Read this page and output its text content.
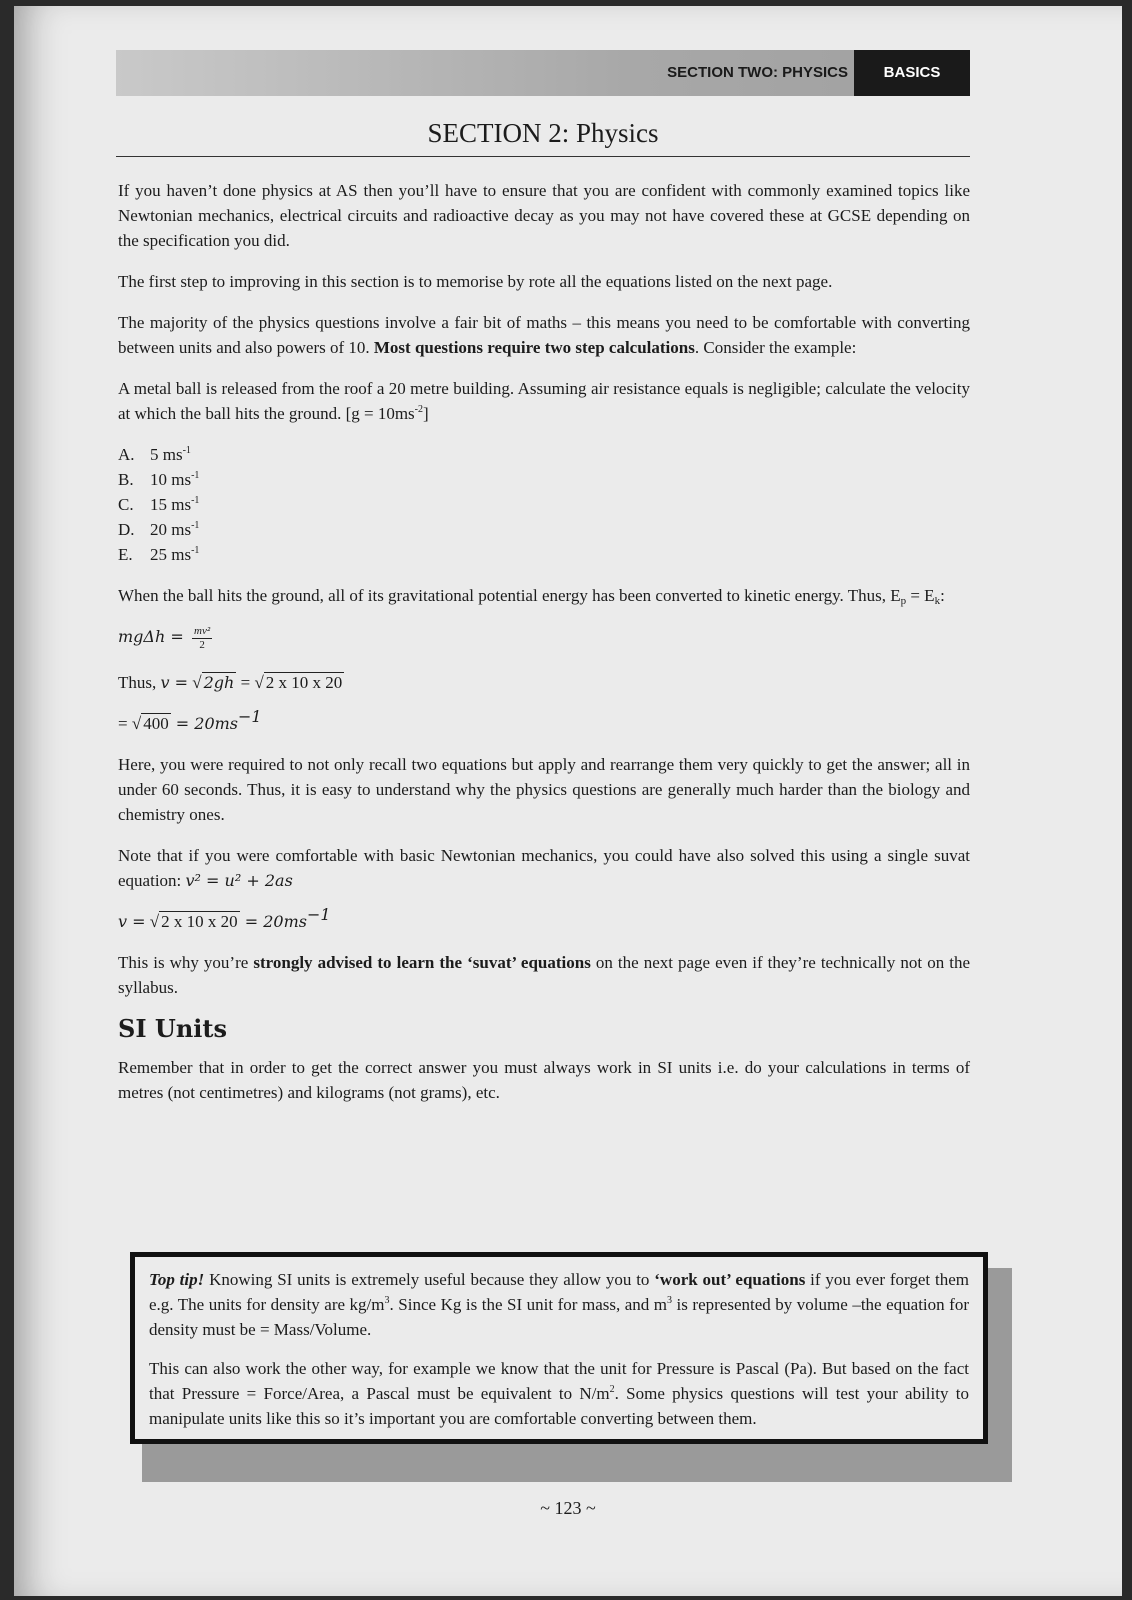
SECTION TWO: PHYSICS	BASICS
SECTION 2: Physics

If you haven’t done physics at AS then you’ll have to ensure that you are confident with commonly examined topics like Newtonian mechanics, electrical circuits and radioactive decay as you may not have covered these at GCSE depending on the specification you did.

The first step to improving in this section is to memorise by rote all the equations listed on the next page.

The majority of the physics questions involve a fair bit of maths – this means you need to be comfortable with converting between units and also powers of 10. Most questions require two step calculations. Consider the example:

A metal ball is released from the roof a 20 metre building. Assuming air resistance equals is negligible; calculate the velocity at which the ball hits the ground. $[g = 10ms^{-2}]$

A. 5 $ms^{-1}$
B. 10 $ms^{-1}$
C. 15 $ms^{-1}$
D. 20 $ms^{-1}$
E. 25 $ms^{-1}$

When the ball hits the ground, all of its gravitational potential energy has been converted to kinetic energy. Thus, $E_p = E_k$:

$mg\Delta h = \frac{\text{mv²}}{2}$

Thus, v = √ 2gh = √ 2 x 10 x 20

= √ $400 = 20ms^{-1}$

Here, you were required to not only recall two equations but apply and rearrange them very quickly to get the answer; all in under 60 seconds. Thus, it is easy to understand why the physics questions are generally much harder than the biology and chemistry ones.

Note that if you were comfortable with basic Newtonian mechanics, you could have also solved this using a single suvat equation: v² = u² + 2as

v = √ 2 x 10 x $20 = 20ms^{-1}$

This is why you’re strongly advised to learn the ‘suvat’ equations on the next page even if they’re technically not on the syllabus.

SI Units

Remember that in order to get the correct answer you must always work in SI units i.e. do your calculations in terms of metres (not centimetres) and kilograms (not grams), etc.

Top tip! Knowing SI units is extremely useful because they allow you to ‘work out’ equations if you ever forget them e.g. The units for density are $kg/m^3$. Since Kg is the SI unit for mass, and $m^3$ is represented by volume –the equation for density must be = Mass/Volume.

This can also work the other way, for example we know that the unit for Pressure is Pascal (Pa). But based on the fact that Pressure = Force/Area, a Pascal must be equivalent to $N/m^2$. Some physics questions will test your ability to manipulate units like this so it’s important you are comfortable converting between them.

~ 123 ~
